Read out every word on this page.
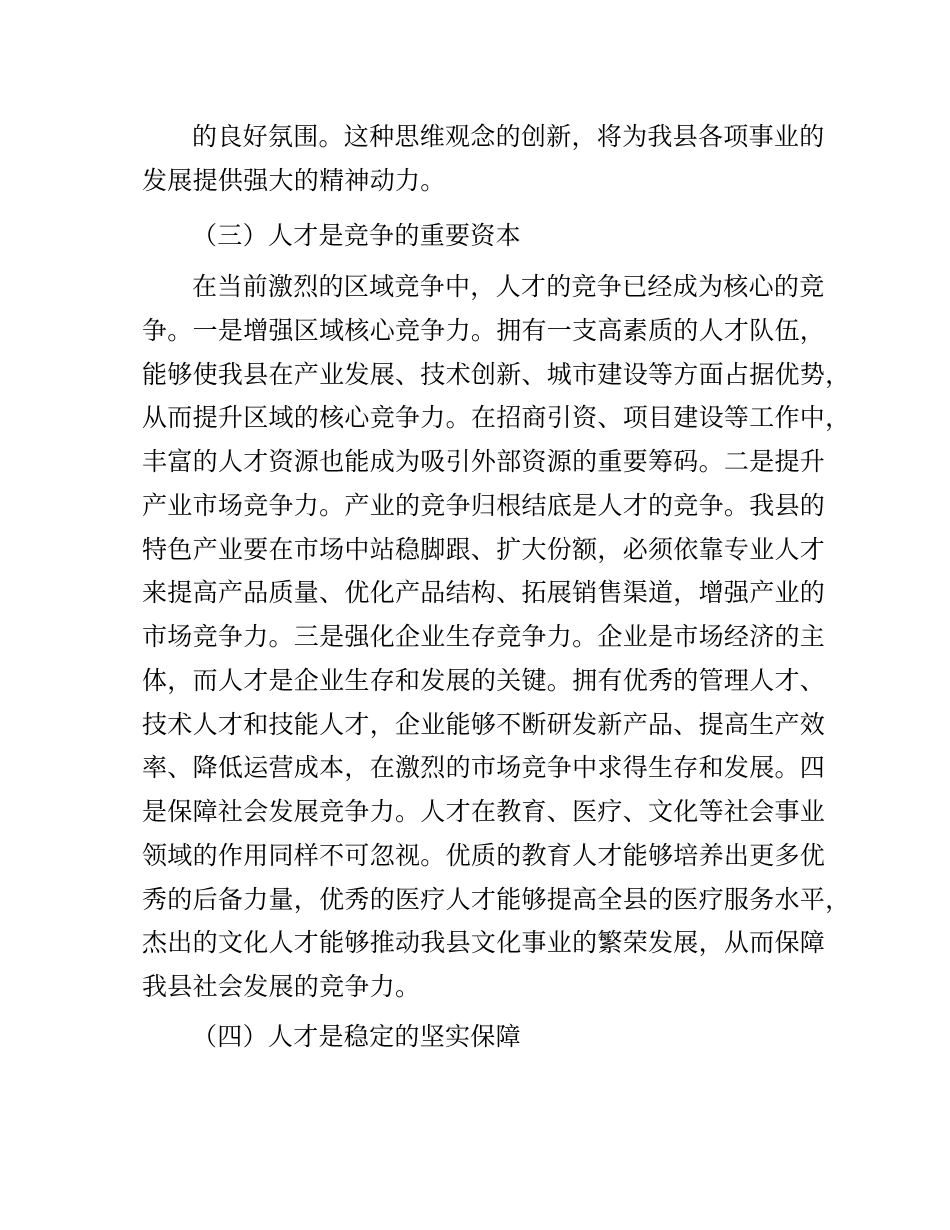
的良好氛围。这种思维观念的创新，将为我县各项事业的
发展提供强大的精神动力。
（三）人才是竞争的重要资本
在当前激烈的区域竞争中，人才的竞争已经成为核心的竞
争。一是增强区域核心竞争力。拥有一支高素质的人才队伍，
能够使我县在产业发展、技术创新、城市建设等方面占据优势，
从而提升区域的核心竞争力。在招商引资、项目建设等工作中，
丰富的人才资源也能成为吸引外部资源的重要筹码。二是提升
产业市场竞争力。产业的竞争归根结底是人才的竞争。我县的
特色产业要在市场中站稳脚跟、扩大份额，必须依靠专业人才
来提高产品质量、优化产品结构、拓展销售渠道，增强产业的
市场竞争力。三是强化企业生存竞争力。企业是市场经济的主
体，而人才是企业生存和发展的关键。拥有优秀的管理人才、
技术人才和技能人才，企业能够不断研发新产品、提高生产效
率、降低运营成本，在激烈的市场竞争中求得生存和发展。四
是保障社会发展竞争力。人才在教育、医疗、文化等社会事业
领域的作用同样不可忽视。优质的教育人才能够培养出更多优
秀的后备力量，优秀的医疗人才能够提高全县的医疗服务水平，
杰出的文化人才能够推动我县文化事业的繁荣发展，从而保障
我县社会发展的竞争力。
（四）人才是稳定的坚实保障
